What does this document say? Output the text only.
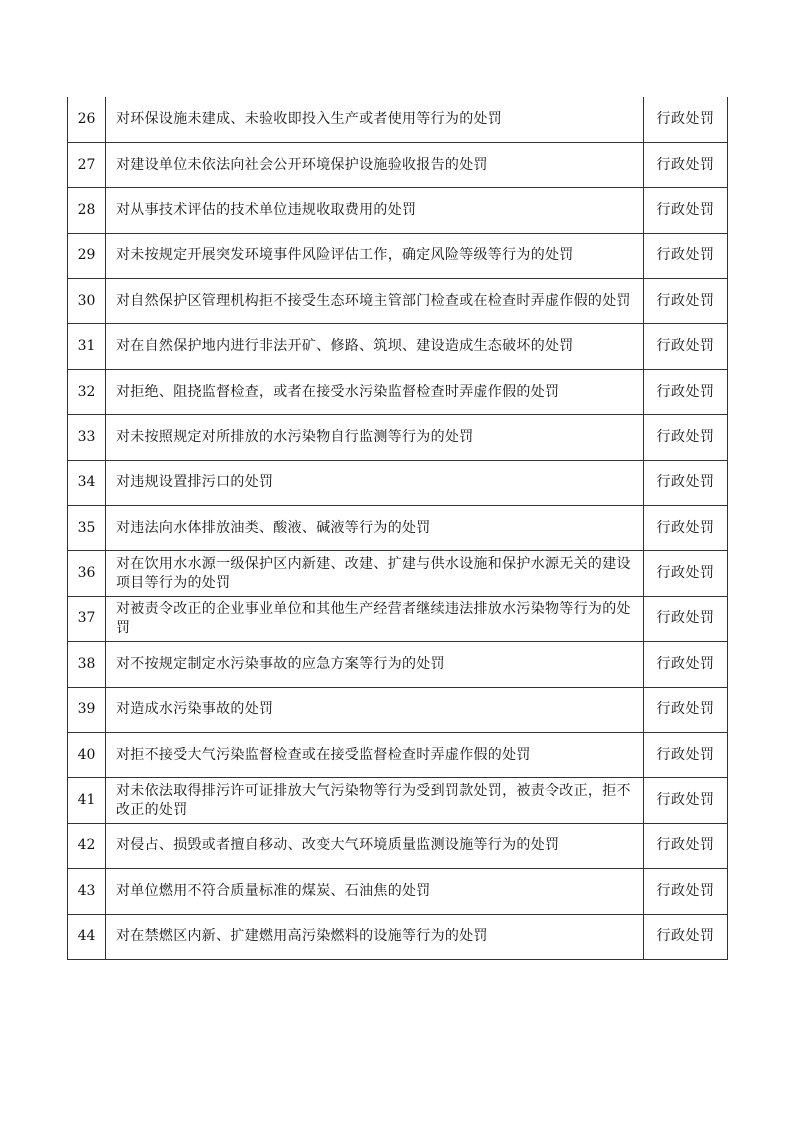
26	对环保设施未建成、未验收即投入生产或者使用等行为的处罚	行政处罚
27	对建设单位未依法向社会公开环境保护设施验收报告的处罚	行政处罚
28	对从事技术评估的技术单位违规收取费用的处罚	行政处罚
29	对未按规定开展突发环境事件风险评估工作，确定风险等级等行为的处罚	行政处罚
30	对自然保护区管理机构拒不接受生态环境主管部门检查或在检查时弄虚作假的处罚	行政处罚
31	对在自然保护地内进行非法开矿、修路、筑坝、建设造成生态破坏的处罚	行政处罚
32	对拒绝、阻挠监督检查，或者在接受水污染监督检查时弄虚作假的处罚	行政处罚
33	对未按照规定对所排放的水污染物自行监测等行为的处罚	行政处罚
34	对违规设置排污口的处罚	行政处罚
35	对违法向水体排放油类、酸液、碱液等行为的处罚	行政处罚
36	对在饮用水水源一级保护区内新建、改建、扩建与供水设施和保护水源无关的建设项目等行为的处罚	行政处罚
37	对被责令改正的企业事业单位和其他生产经营者继续违法排放水污染物等行为的处罚	行政处罚
38	对不按规定制定水污染事故的应急方案等行为的处罚	行政处罚
39	对造成水污染事故的处罚	行政处罚
40	对拒不接受大气污染监督检查或在接受监督检查时弄虚作假的处罚	行政处罚
41	对未依法取得排污许可证排放大气污染物等行为受到罚款处罚，被责令改正，拒不改正的处罚	行政处罚
42	对侵占、损毁或者擅自移动、改变大气环境质量监测设施等行为的处罚	行政处罚
43	对单位燃用不符合质量标准的煤炭、石油焦的处罚	行政处罚
44	对在禁燃区内新、扩建燃用高污染燃料的设施等行为的处罚	行政处罚
